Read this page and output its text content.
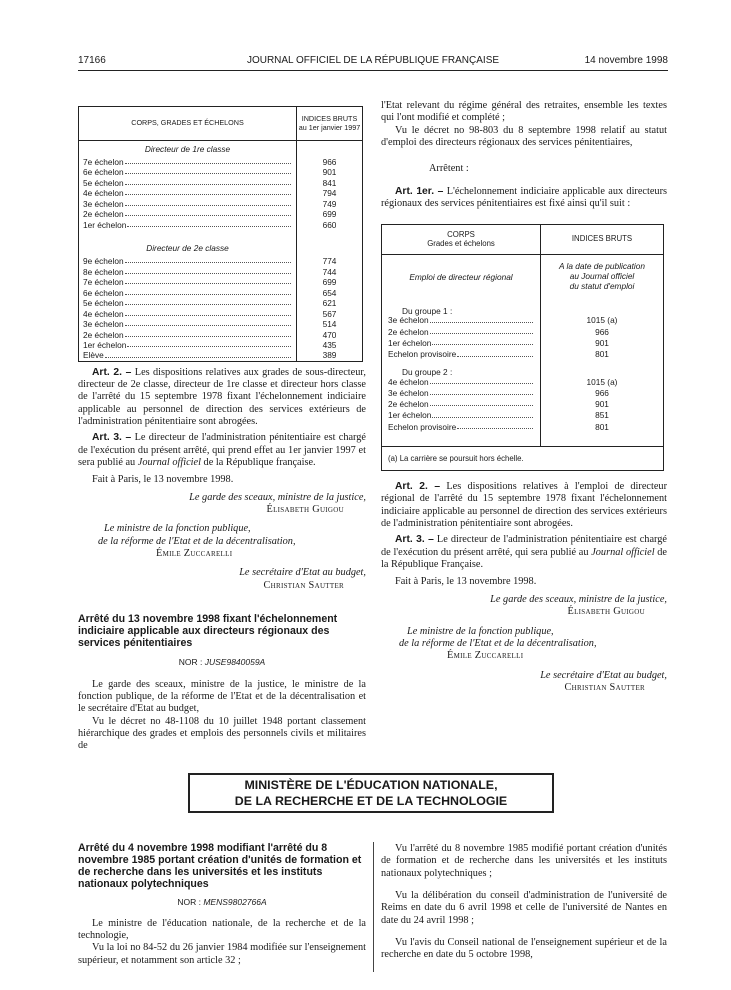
17166	JOURNAL OFFICIEL DE LA RÉPUBLIQUE FRANÇAISE	14 novembre 1998
CORPS, GRADES ET ÉCHELONS	INDICES BRUTS
au 1er janvier 1997
Directeur de 1re classe	

7e échelon	966

6e échelon	901

5e échelon	841

4e échelon	794

3e échelon	749

2e échelon	699

1er échelon	660

Directeur de 2e classe	

9e échelon	774

8e échelon	744

7e échelon	699

6e échelon	654

5e échelon	621

4e échelon	567

3e échelon	514

2e échelon	470

1er échelon	435

Elève	389

Art. 2. – Les dispositions relatives aux grades de sous-directeur, directeur de 2e classe, directeur de 1re classe et directeur hors classe de l'arrêté du 15 septembre 1978 fixant l'échelonnement indiciaire applicable au personnel de direction des services extérieurs de l'administration pénitentiaire sont abrogées.

Art. 3. – Le directeur de l'administration pénitentiaire est chargé de l'exécution du présent arrêté, qui prend effet au 1er janvier 1997 et sera publié au Journal officiel de la République française.

Fait à Paris, le 13 novembre 1998.

Le garde des sceaux, ministre de la justice,
Élisabeth Guigou
Le ministre de la fonction publique,
de la réforme de l'Etat et de la décentralisation,
Émile Zuccarelli
Le secrétaire d'Etat au budget,
Christian Sautter
Arrêté du 13 novembre 1998 fixant l'échelonnement indiciaire applicable aux directeurs régionaux des services pénitentiaires
NOR : JUSE9840059A

Le garde des sceaux, ministre de la justice, le ministre de la fonction publique, de la réforme de l'Etat et de la décentralisation et le secrétaire d'Etat au budget,

Vu le décret no 48-1108 du 10 juillet 1948 portant classement hiérarchique des grades et emplois des personnels civils et militaires de

l'Etat relevant du régime général des retraites, ensemble les textes qui l'ont modifié et complété ;

Vu le décret no 98-803 du 8 septembre 1998 relatif au statut d'emploi des directeurs régionaux des services pénitentiaires,

Arrêtent :

Art. 1er. – L'échelonnement indiciaire applicable aux directeurs régionaux des services pénitentiaires est fixé ainsi qu'il suit :

CORPS
Grades et échelons	INDICES BRUTS
Emploi de directeur régional	A la date de publication
au Journal officiel
du statut d'emploi
Du groupe 1 :	

3e échelon	1015 (a)

2e échelon	966

1er échelon	901

Echelon provisoire	801
Du groupe 2 :	

4e échelon	1015 (a)

3e échelon	966

2e échelon	901

1er échelon	851

Echelon provisoire	801

(a) La carrière se poursuit hors échelle.	

Art. 2. – Les dispositions relatives à l'emploi de directeur régional de l'arrêté du 15 septembre 1978 fixant l'échelonnement indiciaire applicable au personnel de direction des services extérieurs de l'administration pénitentiaire sont abrogées.

Art. 3. – Le directeur de l'administration pénitentiaire est chargé de l'exécution du présent arrêté, qui sera publié au Journal officiel de la République Française.

Fait à Paris, le 13 novembre 1998.

Le garde des sceaux, ministre de la justice,
Élisabeth Guigou
Le ministre de la fonction publique,
de la réforme de l'Etat et de la décentralisation,
Émile Zuccarelli
Le secrétaire d'Etat au budget,
Christian Sautter
MINISTÈRE DE L'ÉDUCATION NATIONALE,
DE LA RECHERCHE ET DE LA TECHNOLOGIE
Arrêté du 4 novembre 1998 modifiant l'arrêté du 8 novembre 1985 portant création d'unités de formation et de recherche dans les universités et les instituts nationaux polytechniques
NOR : MENS9802766A

Le ministre de l'éducation nationale, de la recherche et de la technologie,

Vu la loi no 84-52 du 26 janvier 1984 modifiée sur l'enseignement supérieur, et notamment son article 32 ;

Vu l'arrêté du 8 novembre 1985 modifié portant création d'unités de formation et de recherche dans les universités et les instituts nationaux polytechniques ;

Vu la délibération du conseil d'administration de l'université de Reims en date du 6 avril 1998 et celle de l'université de Nantes en date du 24 avril 1998 ;

Vu l'avis du Conseil national de l'enseignement supérieur et de la recherche en date du 5 octobre 1998,
